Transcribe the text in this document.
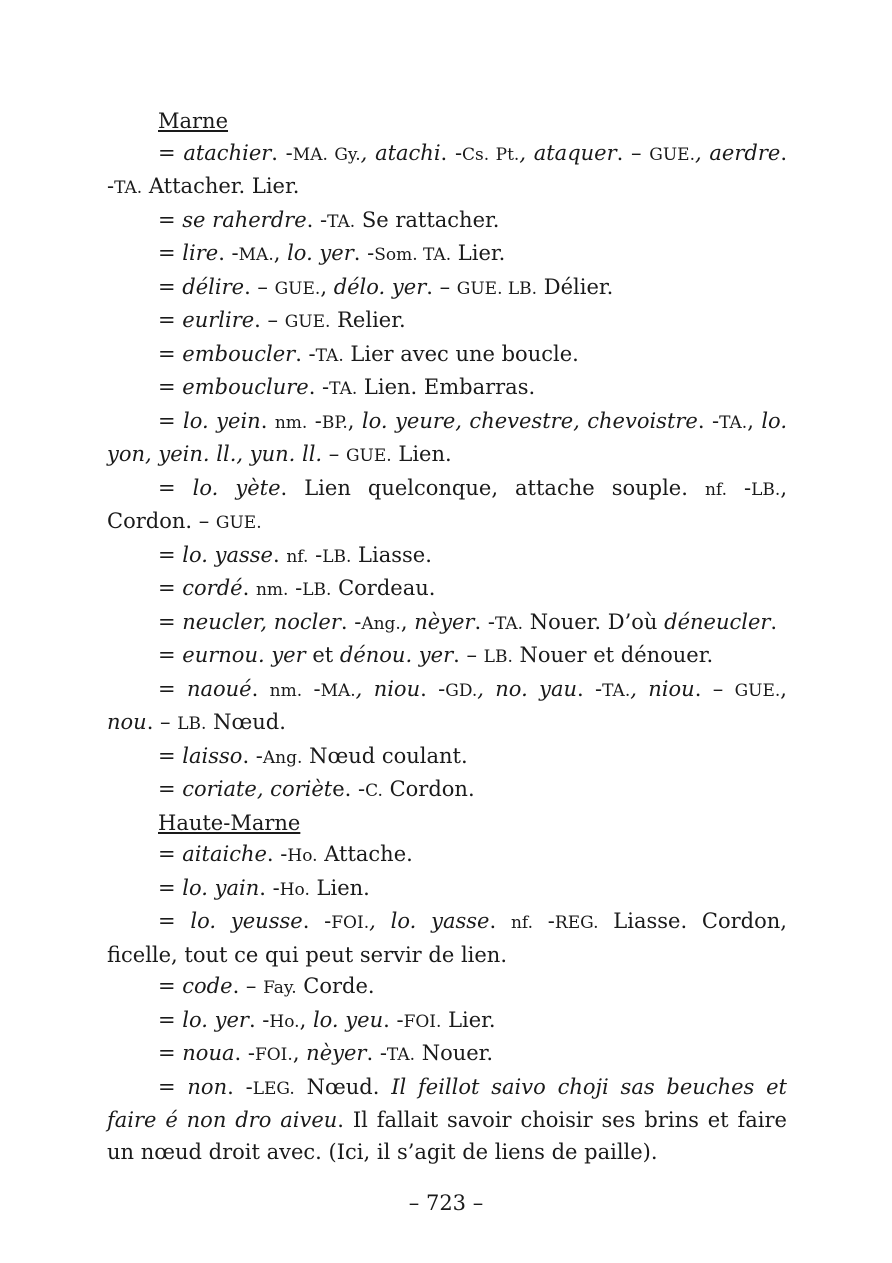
Marne

= atachier. -MA. Gy., atachi. -Cs. Pt., ataquer. – GUE., aerdre. -TA. Attacher. Lier.

= se raherdre. -TA. Se rattacher.

= lire. -MA., lo. yer. -Som. TA. Lier.

= délire. – GUE., délo. yer. – GUE. LB. Délier.

= eurlire. – GUE. Relier.

= emboucler. -TA. Lier avec une boucle.

= embouclure. -TA. Lien. Embarras.

= lo. yein. nm. -BP., lo. yeure, chevestre, chevoistre. -TA., lo. yon, yein. ll., yun. ll. – GUE. Lien.

= lo. yète. Lien quelconque, attache souple. nf. -LB., Cordon. – GUE.

= lo. yasse. nf. -LB. Liasse.

= cordé. nm. -LB. Cordeau.

= neucler, nocler. -Ang., nèyer. -TA. Nouer. D’où déneucler.

= eurnou. yer et dénou. yer. – LB. Nouer et dénouer.

= naoué. nm. -MA., niou. -GD., no. yau. -TA., niou. – GUE., nou. – LB. Nœud.

= laisso. -Ang. Nœud coulant.

= coriate, coriète. -C. Cordon.

Haute-Marne

= aitaiche. -Ho. Attache.

= lo. yain. -Ho. Lien.

= lo. yeusse. -FOI., lo. yasse. nf. -REG. Liasse. Cordon, ficelle, tout ce qui peut servir de lien.

= code. – Fay. Corde.

= lo. yer. -Ho., lo. yeu. -FOI. Lier.

= noua. -FOI., nèyer. -TA. Nouer.

= non. -LEG. Nœud. Il feillot saivo choji sas beuches et faire é non dro aiveu. Il fallait savoir choisir ses brins et faire un nœud droit avec. (Ici, il s’agit de liens de paille).

– 723 –
